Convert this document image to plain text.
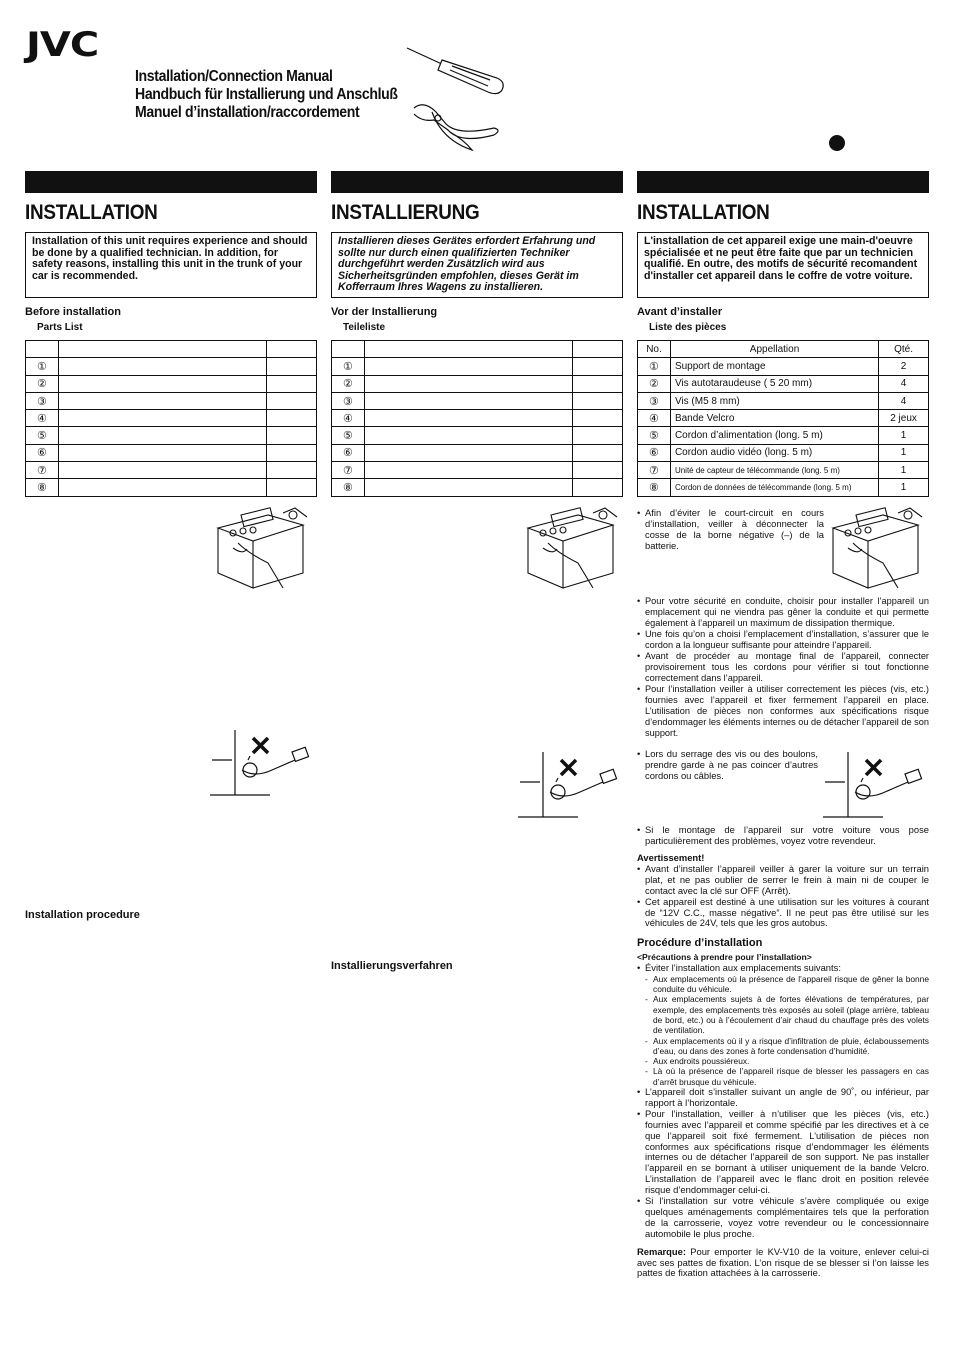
JVC
Installation/Connection Manual
Handbuch für Installierung und Anschluß
Manuel d’installation/raccordement
INSTALLATION
Installation of this unit requires experience and should be done by a qualified technician. In addition, for safety reasons, installing this unit in the trunk of your car is recommended.
Before installation
Parts List

①		
②		
③		
④		
⑤		
⑥		
⑦		
⑧		
INSTALLIERUNG
Installieren dieses Gerätes erfordert Erfahrung und sollte nur durch einen qualifizierten Techniker durchgeführt werden Zusätzlich wird aus Sicherheitsgründen empfohlen, dieses Gerät im Kofferraum Ihres Wagens zu installieren.
Vor der Installierung
Teileliste

①		
②		
③		
④		
⑤		
⑥		
⑦		
⑧		
INSTALLATION
L'installation de cet appareil exige une main-d'oeuvre spécialisée et ne peut être faite que par un technicien qualifié. En outre, des motifs de sécurité recomandent d'installer cet appareil dans le coffre de votre voiture.
Avant d’installer
Liste des pièces
No.	Appellation	Qté.
①	Support de montage	2
②	Vis autotaraudeuse ( 5 20 mm)	4
③	Vis (M5 8 mm)	4
④	Bande Velcro	2 jeux
⑤	Cordon d’alimentation (long. 5 m)	1
⑥	Cordon audio vidéo (long. 5 m)	1
⑦	Unité de capteur de télécommande (long. 5 m)	1
⑧	Cordon de données de télécommande (long. 5 m)	1
Installation procedure
Installierungsverfahren
• Afin d’éviter le court-circuit en cours d’installation, veiller à déconnecter la cosse de la borne négative (–) de la batterie.
• Pour votre sécurité en conduite, choisir pour installer l’appareil un emplacement qui ne viendra pas gêner la conduite et qui permette également à l’appareil un maximum de dissipation thermique.
• Une fois qu’on a choisi l’emplacement d’installation, s’assurer que le cordon a la longueur suffisante pour atteindre l’appareil.
• Avant de procéder au montage final de l’appareil, connecter provisoirement tous les cordons pour vérifier si tout fonctionne correctement dans l’appareil.
• Pour l’installation veiller à utiliser correctement les pièces (vis, etc.) fournies avec l’appareil et fixer fermement l’appareil en place. L’utilisation de pièces non conformes aux spécifications risque d’endommager les éléments internes ou de détacher l’appareil de son support.
• Lors du serrage des vis ou des boulons, prendre garde à ne pas coincer d’autres cordons ou câbles.
• Si le montage de l’appareil sur votre voiture vous pose particulièrement des problèmes, voyez votre revendeur.
Avertissement!
• Avant d’installer l’appareil veiller à garer la voiture sur un terrain plat, et ne pas oublier de serrer le frein à main ni de couper le contact avec la clé sur OFF (Arrêt).
• Cet appareil est destiné à une utilisation sur les voitures à courant de “12V C.C., masse négative”. Il ne peut pas être utilisé sur les véhicules de 24V, tels que les gros autobus.
Procédure d’installation
<Précautions à prendre pour l’installation>
• Éviter l’installation aux emplacements suivants:
- Aux emplacements où la présence de l’appareil risque de gêner la bonne conduite du véhicule.
- Aux emplacements sujets à de fortes élévations de températures, par exemple, des emplacements très exposés au soleil (plage arrière, tableau de bord, etc.) ou à l’écoulement d’air chaud du chauffage près des volets de ventilation.
- Aux emplacements où il y a risque d’infiltration de pluie, éclaboussements d’eau, ou dans des zones à forte condensation d’humidité.
- Aux endroits poussiéreux.
- Là où la présence de l’appareil risque de blesser les passagers en cas d’arrêt brusque du véhicule.
• L’appareil doit s’installer suivant un angle de 90˚, ou inférieur, par rapport à l’horizontale.
• Pour l’installation, veiller à n’utiliser que les pièces (vis, etc.) fournies avec l’appareil et comme spécifié par les directives et à ce que l’appareil soit fixé fermement. L’utilisation de pièces non conformes aux spécifications risque d’endommager les éléments internes ou de détacher l’appareil de son support. Ne pas installer l’appareil en se bornant à utiliser uniquement de la bande Velcro. L’installation de l’appareil avec le flanc droit en position relevée risque d’endommager celui-ci.
• Si l’installation sur votre véhicule s’avère compliquée ou exige quelques aménagements complémentaires tels que la perforation de la carrosserie, voyez votre revendeur ou le concessionnaire automobile le plus proche.
Remarque: Pour emporter le KV-V10 de la voiture, enlever celui-ci avec ses pattes de fixation. L’on risque de se blesser si l’on laisse les pattes de fixation attachées à la carrosserie.
